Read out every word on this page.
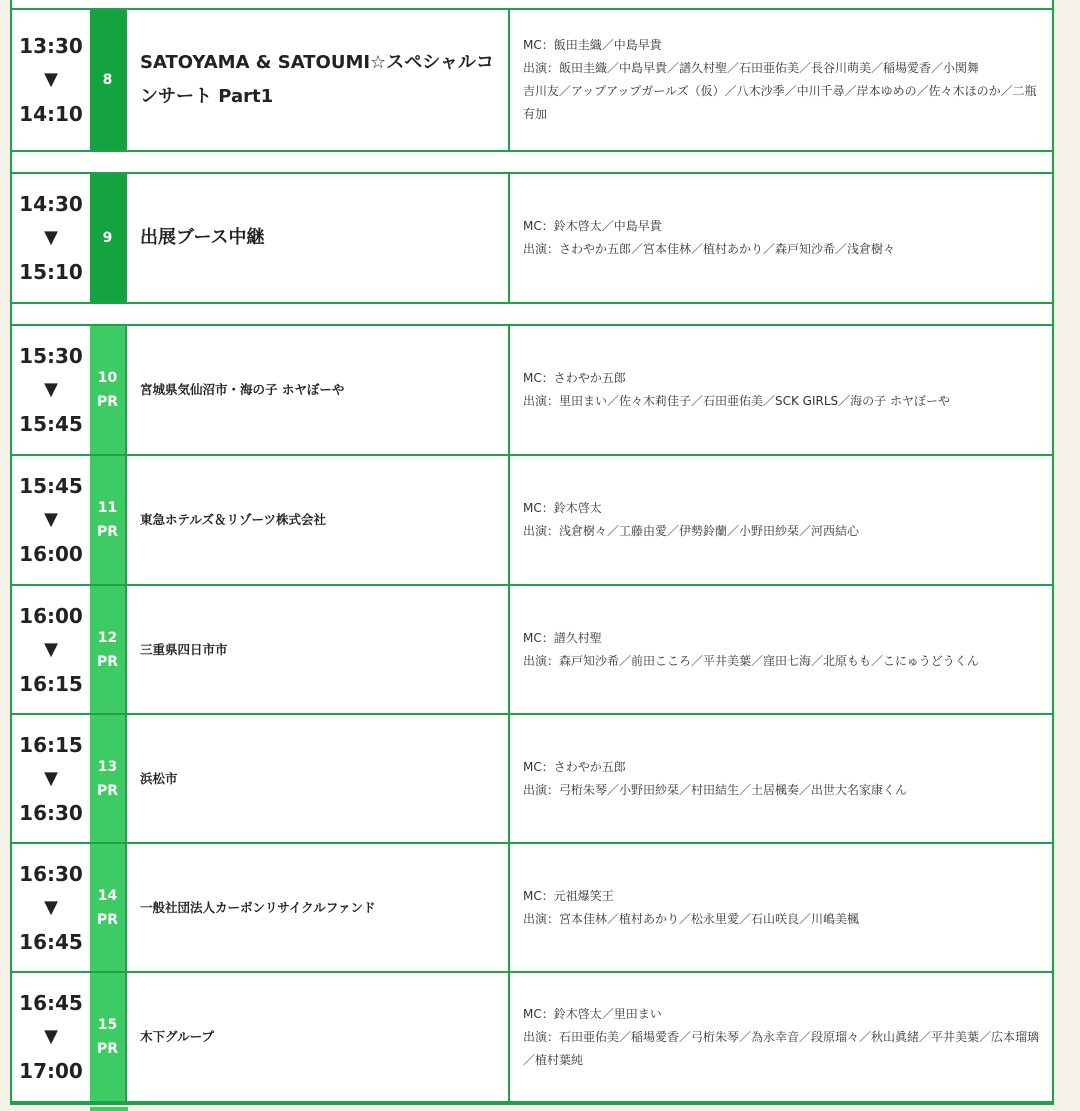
13:30
▼
14:10
8
SATOYAMA & SATOUMI☆スペシャルコンサート Part1

MC：飯田圭織／中島早貴

出演：飯田圭織／中島早貴／譜久村聖／石田亜佑美／長谷川萌美／稲場愛香／小関舞

吉川友／アップアップガールズ（仮）／八木沙季／中川千尋／岸本ゆめの／佐々木ほのか／二瓶有加

14:30
▼
15:10
9 出展ブース中継

MC：鈴木啓太／中島早貴

出演：さわやか五郎／宮本佳林／植村あかり／森戸知沙希／浅倉樹々

15:30
▼
15:45
10
PR
宮城県気仙沼市・海の子 ホヤぼーや

MC：さわやか五郎

出演：里田まい／佐々木莉佳子／石田亜佑美／SCK GIRLS／海の子 ホヤぼーや

15:45
▼
16:00
11
PR
東急ホテルズ＆リゾーツ株式会社

MC：鈴木啓太

出演：浅倉樹々／工藤由愛／伊勢鈴蘭／小野田紗栞／河西結心

16:00
▼
16:15
12
PR
三重県四日市市

MC：譜久村聖

出演：森戸知沙希／前田こころ／平井美葉／窪田七海／北原もも／こにゅうどうくん

16:15
▼
16:30
13
PR
浜松市

MC：さわやか五郎

出演：弓桁朱琴／小野田紗栞／村田結生／土居楓奏／出世大名家康くん

16:30
▼
16:45
14
PR
一般社団法人カーボンリサイクルファンド

MC：元祖爆笑王

出演：宮本佳林／植村あかり／松永里愛／石山咲良／川嶋美楓

16:45
▼
17:00
15
PR
木下グループ

MC：鈴木啓太／里田まい

出演：石田亜佑美／稲場愛香／弓桁朱琴／為永幸音／段原瑠々／秋山眞緒／平井美葉／広本瑠璃／植村葉純
